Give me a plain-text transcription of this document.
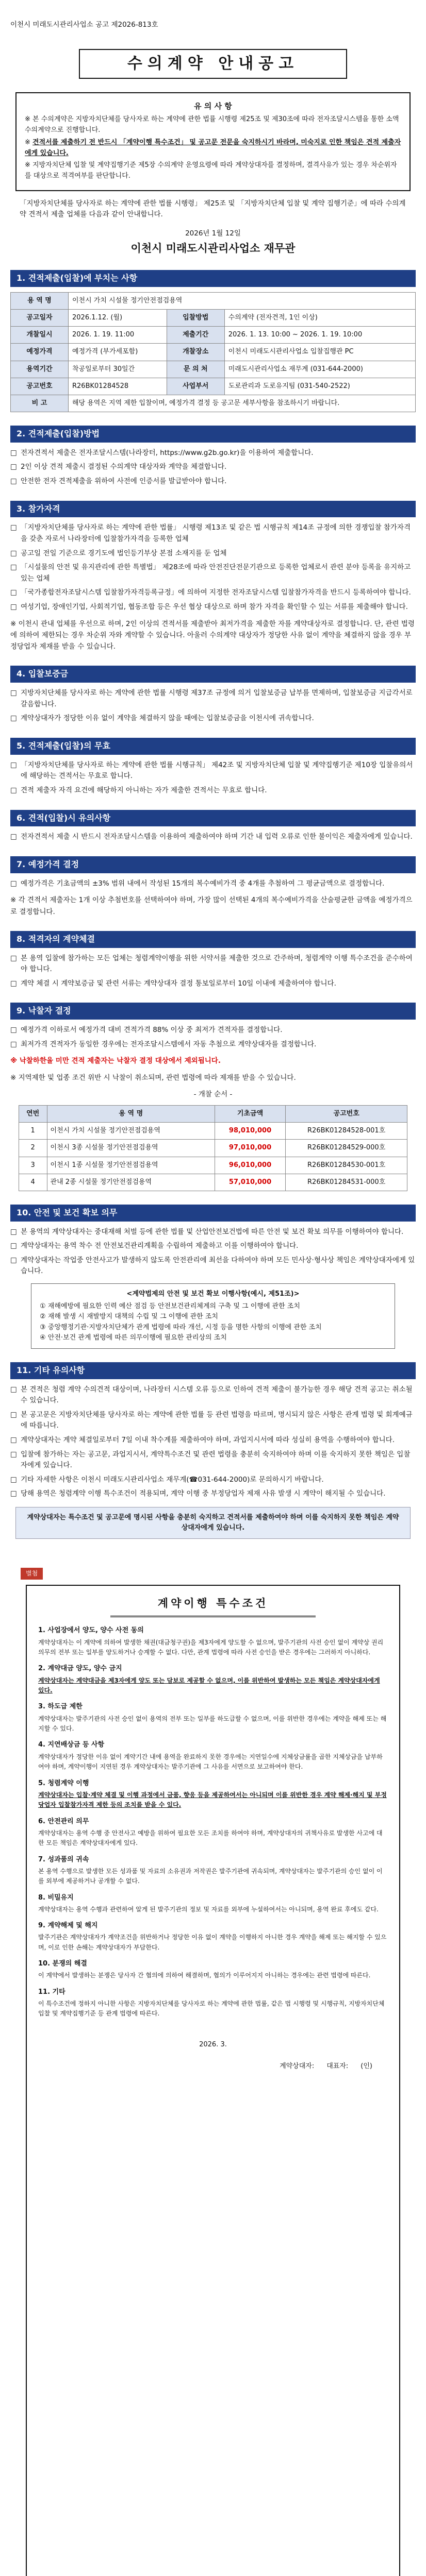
이천시 미래도시관리사업소 공고 제2026-813호
수의계약 안내공고
유 의 사 항

※ 본 수의계약은 지방자치단체를 당사자로 하는 계약에 관한 법률 시행령 제25조 및 제30조에 따라 전자조달시스템을 통한 소액 수의계약으로 진행합니다.

※ 견적서를 제출하기 전 반드시 「계약이행 특수조건」 및 공고문 전문을 숙지하시기 바라며, 미숙지로 인한 책임은 견적 제출자에게 있습니다.

※ 지방자치단체 입찰 및 계약집행기준 제5장 수의계약 운영요령에 따라 계약상대자를 결정하며, 결격사유가 있는 경우 차순위자를 대상으로 적격여부를 판단합니다.

「지방자치단체를 당사자로 하는 계약에 관한 법률 시행령」 제25조 및 「지방자치단체 입찰 및 계약 집행기준」에 따라 수의계약 견적서 제출 업체를 다음과 같이 안내합니다.

2026년 1월 12일
이천시 미래도시관리사업소 재무관
1. 견적제출(입찰)에 부치는 사항
용 역 명	이천시 가치 시설물 정기안전점검용역		
공고일자	2026.1.12. (월)	입찰방법	수의계약 (전자견적, 1인 이상)
개찰일시	2026. 1. 19. 11:00	제출기간	2026. 1. 13. 10:00 ~ 2026. 1. 19. 10:00
예정가격	예정가격 (부가세포함)	개찰장소	이천시 미래도시관리사업소 입찰집행관 PC
용역기간	착공일로부터 30일간	문 의 처	미래도시관리사업소 재무계 (031-644-2000)
공고번호	R26BK01284528	사업부서	도로관리과 도로유지팀 (031-540-2522)
비 고	해당 용역은 지역 제한 입찰이며, 예정가격 결정 등 공고문 세부사항을 참조하시기 바랍니다.		
2. 견적제출(입찰)방법
□ 전자견적서 제출은 전자조달시스템(나라장터, https://www.g2b.go.kr)을 이용하여 제출합니다.
□ 2인 이상 견적 제출시 결정된 수의계약 대상자와 계약을 체결합니다.
□ 안전한 전자 견적제출을 위하여 사전에 인증서를 발급받아야 합니다.
3. 참가자격
□ 「지방자치단체를 당사자로 하는 계약에 관한 법률」 시행령 제13조 및 같은 법 시행규칙 제14조 규정에 의한 경쟁입찰 참가자격을 갖춘 자로서 나라장터에 입찰참가자격을 등록한 업체
□ 공고일 전일 기준으로 경기도에 법인등기부상 본점 소재지를 둔 업체
□ 「시설물의 안전 및 유지관리에 관한 특별법」 제28조에 따라 안전진단전문기관으로 등록한 업체로서 관련 분야 등록을 유지하고 있는 업체
□ 「국가종합전자조달시스템 입찰참가자격등록규정」에 의하여 지정한 전자조달시스템 입찰참가자격을 반드시 등록하여야 합니다.
□ 여성기업, 장애인기업, 사회적기업, 협동조합 등은 우선 협상 대상으로 하며 참가 자격을 확인할 수 있는 서류를 제출해야 합니다.

※ 이천시 관내 업체를 우선으로 하며, 2인 이상의 견적서를 제출받아 최저가격을 제출한 자를 계약대상자로 결정합니다. 단, 관련 법령에 의하여 제한되는 경우 차순위 자와 계약할 수 있습니다. 아울러 수의계약 대상자가 정당한 사유 없이 계약을 체결하지 않을 경우 부정당업자 제재를 받을 수 있습니다.

4. 입찰보증금
□ 지방자치단체를 당사자로 하는 계약에 관한 법률 시행령 제37조 규정에 의거 입찰보증금 납부를 면제하며, 입찰보증금 지급각서로 갈음합니다.
□ 계약상대자가 정당한 이유 없이 계약을 체결하지 않을 때에는 입찰보증금을 이천시에 귀속합니다.
5. 견적제출(입찰)의 무효
□ 「지방자치단체를 당사자로 하는 계약에 관한 법률 시행규칙」 제42조 및 지방자치단체 입찰 및 계약집행기준 제10장 입찰유의서에 해당하는 견적서는 무효로 합니다.
□ 견적 제출자 자격 요건에 해당하지 아니하는 자가 제출한 견적서는 무효로 합니다.
6. 견적(입찰)시 유의사항
□ 전자견적서 제출 시 반드시 전자조달시스템을 이용하여 제출하여야 하며 기간 내 입력 오류로 인한 불이익은 제출자에게 있습니다.
7. 예정가격 결정
□ 예정가격은 기초금액의 ±3% 범위 내에서 작성된 15개의 복수예비가격 중 4개를 추첨하여 그 평균금액으로 결정합니다.

※ 각 견적서 제출자는 1개 이상 추첨번호를 선택하여야 하며, 가장 많이 선택된 4개의 복수예비가격을 산술평균한 금액을 예정가격으로 결정합니다.

8. 적격자의 계약체결
□ 본 용역 입찰에 참가하는 모든 업체는 청렴계약이행을 위한 서약서를 제출한 것으로 간주하며, 청렴계약 이행 특수조건을 준수하여야 합니다.
□ 계약 체결 시 계약보증금 및 관련 서류는 계약상대자 결정 통보일로부터 10일 이내에 제출하여야 합니다.
9. 낙찰자 결정
□ 예정가격 이하로서 예정가격 대비 견적가격 88% 이상 중 최저가 견적자를 결정합니다.
□ 최저가격 견적자가 동일한 경우에는 전자조달시스템에서 자동 추첨으로 계약상대자를 결정합니다.

※ 낙찰하한율 미만 견적 제출자는 낙찰자 결정 대상에서 제외됩니다.

※ 지역제한 및 업종 조건 위반 시 낙찰이 취소되며, 관련 법령에 따라 제재를 받을 수 있습니다.

- 개찰 순서 -
연번	용 역 명	기초금액	공고번호
1	이천시 가치 시설물 정기안전점검용역	98,010,000	R26BK01284528-001호
2	이천시 3종 시설물 정기안전점검용역	97,010,000	R26BK01284529-000호
3	이천시 1종 시설물 정기안전점검용역	96,010,000	R26BK01284530-001호
4	관내 2종 시설물 정기안전점검용역	57,010,000	R26BK01284531-000호
10. 안전 및 보건 확보 의무
□ 본 용역의 계약상대자는 중대재해 처벌 등에 관한 법률 및 산업안전보건법에 따른 안전 및 보건 확보 의무를 이행하여야 합니다.
□ 계약상대자는 용역 착수 전 안전보건관리계획을 수립하여 제출하고 이를 이행하여야 합니다.
□ 계약상대자는 작업중 안전사고가 발생하지 않도록 안전관리에 최선을 다하여야 하며 모든 민사상·형사상 책임은 계약상대자에게 있습니다.
<계약법제의 안전 및 보건 확보 이행사항(예시, 제51조)>

① 재해예방에 필요한 인력 예산 점검 등 안전보건관리체계의 구축 및 그 이행에 관한 조치

② 재해 발생 시 재발방지 대책의 수립 및 그 이행에 관한 조치

③ 중앙행정기관·지방자치단체가 관계 법령에 따라 개선, 시정 등을 명한 사항의 이행에 관한 조치

④ 안전·보건 관계 법령에 따른 의무이행에 필요한 관리상의 조치

11. 기타 유의사항
□ 본 견적은 청렴 계약 수의견적 대상이며, 나라장터 시스템 오류 등으로 인하여 견적 제출이 불가능한 경우 해당 견적 공고는 취소될 수 있습니다.
□ 본 공고문은 지방자치단체를 당사자로 하는 계약에 관한 법률 등 관련 법령을 따르며, 명시되지 않은 사항은 관계 법령 및 회계예규에 따릅니다.
□ 계약상대자는 계약 체결일로부터 7일 이내 착수계를 제출하여야 하며, 과업지시서에 따라 성실히 용역을 수행하여야 합니다.
□ 입찰에 참가하는 자는 공고문, 과업지시서, 계약특수조건 및 관련 법령을 충분히 숙지하여야 하며 이를 숙지하지 못한 책임은 입찰자에게 있습니다.
□ 기타 자세한 사항은 이천시 미래도시관리사업소 재무계(☎031-644-2000)로 문의하시기 바랍니다.
□ 당해 용역은 청렴계약 이행 특수조건이 적용되며, 계약 이행 중 부정당업자 제재 사유 발생 시 계약이 해지될 수 있습니다.
계약상대자는 특수조건 및 공고문에 명시된 사항을 충분히 숙지하고 견적서를 제출하여야 하며 이를 숙지하지 못한 책임은 계약상대자에게 있습니다.
별첨
계약이행 특수조건
1. 사업장에서 양도, 양수 사전 동의

계약상대자는 이 계약에 의하여 발생한 채권(대금청구권)을 제3자에게 양도할 수 없으며, 발주기관의 사전 승인 없이 계약상 권리 의무의 전부 또는 일부를 양도하거나 승계할 수 없다. 다만, 관계 법령에 따라 사전 승인을 받은 경우에는 그러하지 아니하다.

2. 계약대금 양도, 양수 금지

계약상대자는 계약대금을 제3자에게 양도 또는 담보로 제공할 수 없으며, 이를 위반하여 발생하는 모든 책임은 계약상대자에게 있다.

3. 하도급 제한

계약상대자는 발주기관의 사전 승인 없이 용역의 전부 또는 일부를 하도급할 수 없으며, 이를 위반한 경우에는 계약을 해제 또는 해지할 수 있다.

4. 지연배상금 등 사항

계약상대자가 정당한 이유 없이 계약기간 내에 용역을 완료하지 못한 경우에는 지연일수에 지체상금률을 곱한 지체상금을 납부하여야 하며, 계약이행이 지연된 경우 계약상대자는 발주기관에 그 사유를 서면으로 보고하여야 한다.

5. 청렴계약 이행

계약상대자는 입찰·계약 체결 및 이행 과정에서 금품, 향응 등을 제공하여서는 아니되며 이를 위반한 경우 계약 해제·해지 및 부정당업자 입찰참가자격 제한 등의 조치를 받을 수 있다.

6. 안전관리 의무

계약상대자는 용역 수행 중 안전사고 예방을 위하여 필요한 모든 조치를 하여야 하며, 계약상대자의 귀책사유로 발생한 사고에 대한 모든 책임은 계약상대자에게 있다.

7. 성과품의 귀속

본 용역 수행으로 발생한 모든 성과품 및 자료의 소유권과 저작권은 발주기관에 귀속되며, 계약상대자는 발주기관의 승인 없이 이를 외부에 제공하거나 공개할 수 없다.

8. 비밀유지

계약상대자는 용역 수행과 관련하여 알게 된 발주기관의 정보 및 자료를 외부에 누설하여서는 아니되며, 용역 완료 후에도 같다.

9. 계약해제 및 해지

발주기관은 계약상대자가 계약조건을 위반하거나 정당한 이유 없이 계약을 이행하지 아니한 경우 계약을 해제 또는 해지할 수 있으며, 이로 인한 손해는 계약상대자가 부담한다.

10. 분쟁의 해결

이 계약에서 발생하는 분쟁은 당사자 간 협의에 의하여 해결하며, 협의가 이루어지지 아니하는 경우에는 관련 법령에 따른다.

11. 기타

이 특수조건에 정하지 아니한 사항은 지방자치단체를 당사자로 하는 계약에 관한 법률, 같은 법 시행령 및 시행규칙, 지방자치단체 입찰 및 계약집행기준 등 관계 법령에 따른다.

2026. 3.
계약상대자: 대표자: (인)
